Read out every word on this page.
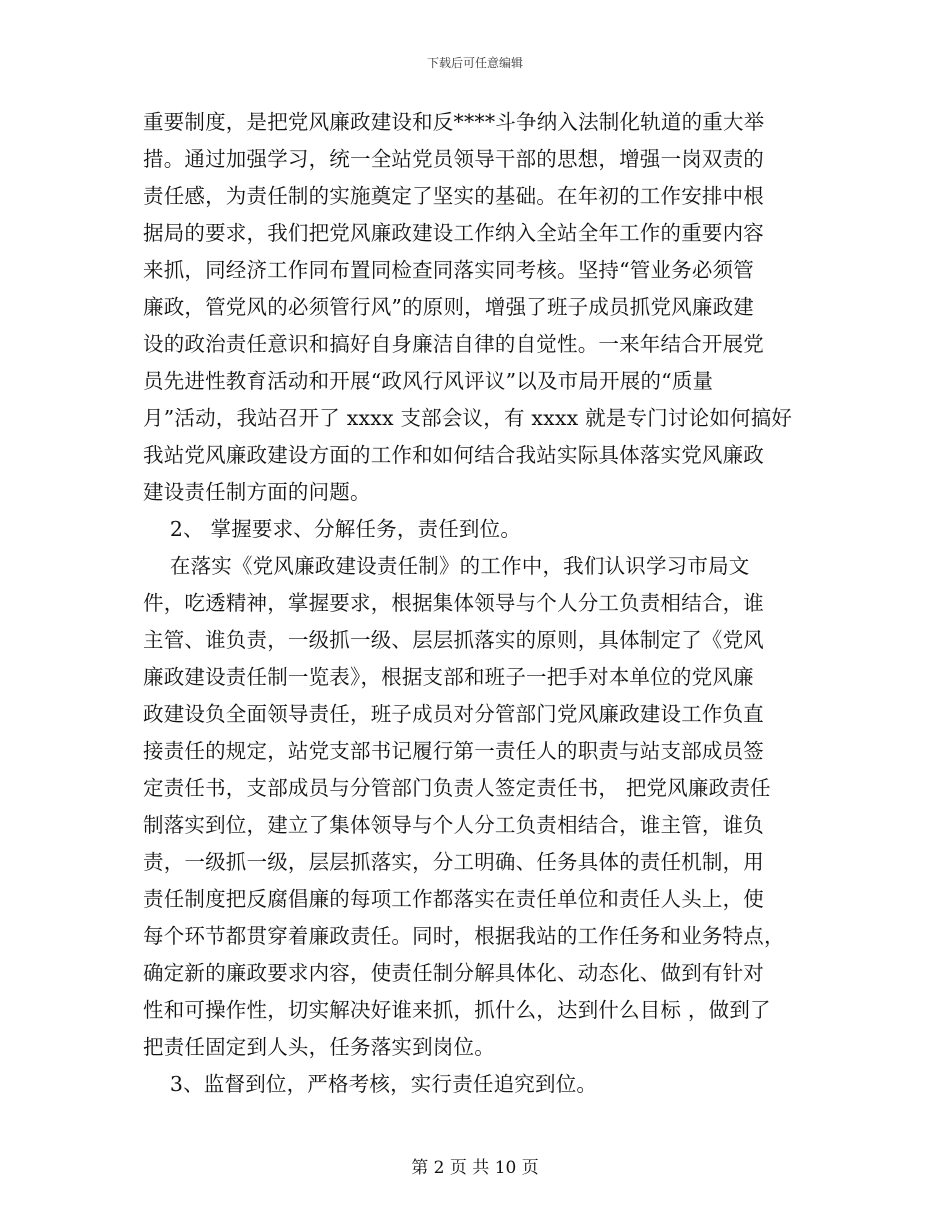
下载后可任意编辑
重要制度，是把党风廉政建设和反****斗争纳入法制化轨道的重大举
措。通过加强学习，统一全站党员领导干部的思想，增强一岗双责的
责任感，为责任制的实施奠定了坚实的基础。在年初的工作安排中根
据局的要求，我们把党风廉政建设工作纳入全站全年工作的重要内容
来抓，同经济工作同布置同检查同落实同考核。坚持“管业务必须管
廉政，管党风的必须管行风”的原则，增强了班子成员抓党风廉政建
设的政治责任意识和搞好自身廉洁自律的自觉性。一来年结合开展党
员先进性教育活动和开展“政风行风评议”以及市局开展的“质量
月”活动，我站召开了 xxxx 支部会议，有 xxxx 就是专门讨论如何搞好
我站党风廉政建设方面的工作和如何结合我站实际具体落实党风廉政
建设责任制方面的问题。
2、 掌握要求、分解任务，责任到位。
在落实《党风廉政建设责任制》的工作中，我们认识学习市局文
件，吃透精神，掌握要求，根据集体领导与个人分工负责相结合，谁
主管、谁负责，一级抓一级、层层抓落实的原则，具体制定了《党风
廉政建设责任制一览表》，根据支部和班子一把手对本单位的党风廉
政建设负全面领导责任，班子成员对分管部门党风廉政建设工作负直
接责任的规定，站党支部书记履行第一责任人的职责与站支部成员签
定责任书，支部成员与分管部门负责人签定责任书， 把党风廉政责任
制落实到位，建立了集体领导与个人分工负责相结合，谁主管，谁负
责，一级抓一级，层层抓落实，分工明确、任务具体的责任机制，用
责任制度把反腐倡廉的每项工作都落实在责任单位和责任人头上，使
每个环节都贯穿着廉政责任。同时，根据我站的工作任务和业务特点，
确定新的廉政要求内容，使责任制分解具体化、动态化、做到有针对
性和可操作性，切实解决好谁来抓，抓什么，达到什么目标 ，做到了
把责任固定到人头，任务落实到岗位。
3、监督到位，严格考核，实行责任追究到位。
第 2 页 共 10 页
